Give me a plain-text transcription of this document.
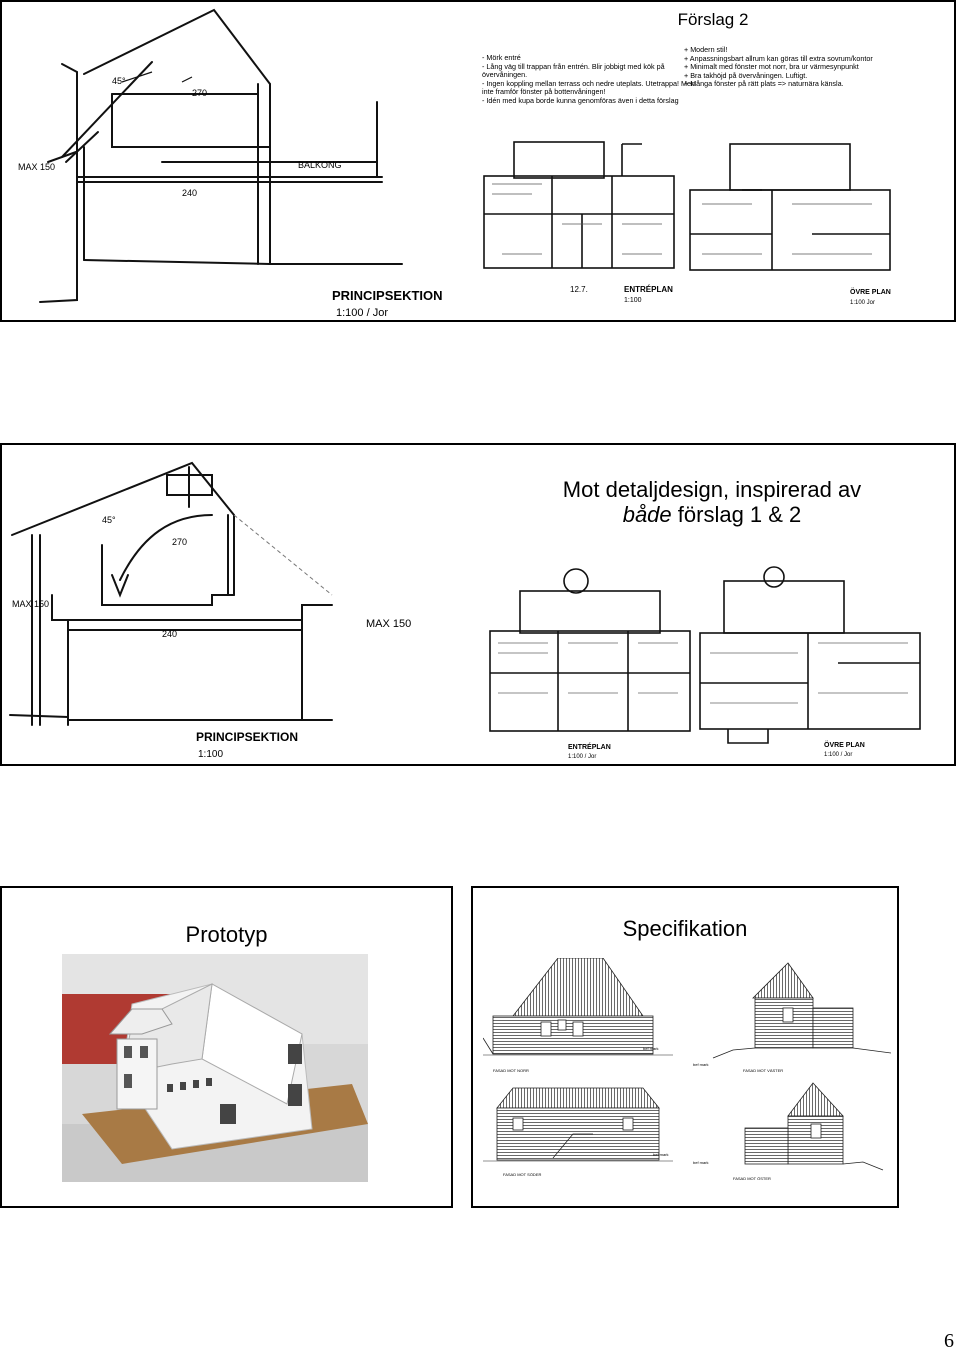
45°
270
240
MAX 150	BALKONG
PRINCIPSEKTION
1:100 / Jor
Förslag 2
- Mörk entré
- Lång väg till trappan från entrén. Blir jobbigt med kök på övervåningen.
- Ingen koppling mellan terrass och nedre uteplats. Utetrappa! Men inte framför fönster på bottenvåningen!
- Idén med kupa borde kunna genomföras även i detta förslag
+ Modern stil!
+ Anpassningsbart allrum kan göras till extra sovrum/kontor
+ Minimalt med fönster mot norr, bra ur värmesynpunkt
+ Bra takhöjd på övervåningen. Luftigt.
+ Många fönster på rätt plats => naturnära känsla.
12.7.	ENTRÉPLAN
1:100
ÖVRE PLAN
1:100 Jor
45°
270
240
MAX 150
MAX 150
PRINCIPSEKTION
1:100
Mot detaljdesign, inspirerad av
både förslag 1 & 2
ENTRÉPLAN
1:100 / Jor
ÖVRE PLAN
1:100 / Jor
Prototyp	Specifikation
bef mark
FASAD MOT NORR
bef mark
FASAD MOT VÄSTER
bef mark
FASAD MOT SÖDER
bef mark
FASAD MOT ÖSTER
6
